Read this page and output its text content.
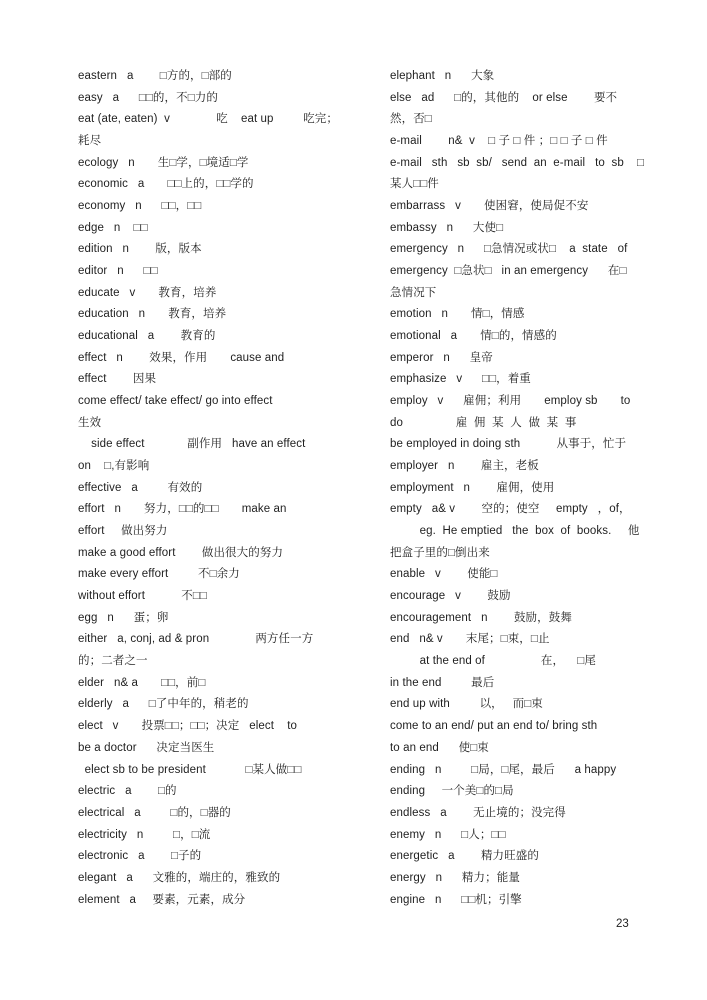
eastern   a        □方的，□部的
easy   a      □□的，不□力的
eat (ate, eaten)  v              吃    eat up         吃完；
耗尽
ecology   n       生□学，□境适□学
economic   a       □□上的，□□学的
economy   n      □□，□□
edge   n    □□
edition   n        版，版本
editor   n      □□
educate   v       教育，培养
education   n       教育，培养
educational   a        教育的
effect   n        效果，作用       cause and
effect        因果
come effect/ take effect/ go into effect
生效
side effect             副作用   have an effect
on    □,有影响
effective   a         有效的
effort   n       努力，□□的□□       make an
effort     做出努力
make a good effort        做出很大的努力
make every effort         不□余力
without effort           不□□
egg   n      蛋；卵
either   a, conj, ad & pron              两方任一方
的；二者之一
elder   n& a       □□，前□
elderly   a      □了中年的，稍老的
elect   v       投票□□；□□；决定   elect    to
be a doctor      决定当医生
elect sb to be president            □某人做□□
electric   a        □的
electrical   a         □的，□器的
electricity   n         □，□流
electronic   a        □子的
elegant   a      文雅的，端庄的，雅致的
element   a     要素，元素，成分
elephant   n      大象
else   ad      □的，其他的    or else        要不
然，否□
e-mail        n&  v    □ 子 □ 件 ；□ □ 子 □ 件
e-mail   sth   sb  sb/   send  an  e-mail   to  sb    □
某人□□件
embarrass   v       使困窘，使局促不安
embassy   n      大使□
emergency   n      □急情况或状□    a  state   of
emergency  □急状□   in an emergency      在□
急情况下
emotion   n       情□，情感
emotional   a       情□的，情感的
emperor   n      皇帝
emphasize   v      □□，着重
employ   v      雇佣；利用       employ sb       to
do                雇  佣  某  人  做  某  事
be employed in doing sth           从事于，忙于
employer   n        雇主，老板
employment   n        雇佣，使用
empty   a& v        空的；使空     empty   ，of，
eg.  He emptied   the  box  of  books.     他
把盒子里的□倒出来
enable   v        使能□
encourage   v        鼓励
encouragement   n        鼓励，鼓舞
end   n& v       末尾；□束，□止
at the end of                 在，    □尾
in the end         最后
end up with         以，   而□束
come to an end/ put an end to/ bring sth
to an end      使□束
ending   n         □局，□尾，最后      a happy
ending     一个美□的□局
endless   a        无止境的；没完得
enemy   n      □人；□□
energetic   a        精力旺盛的
energy   n      精力；能量
engine   n      □□机；引擎
23
